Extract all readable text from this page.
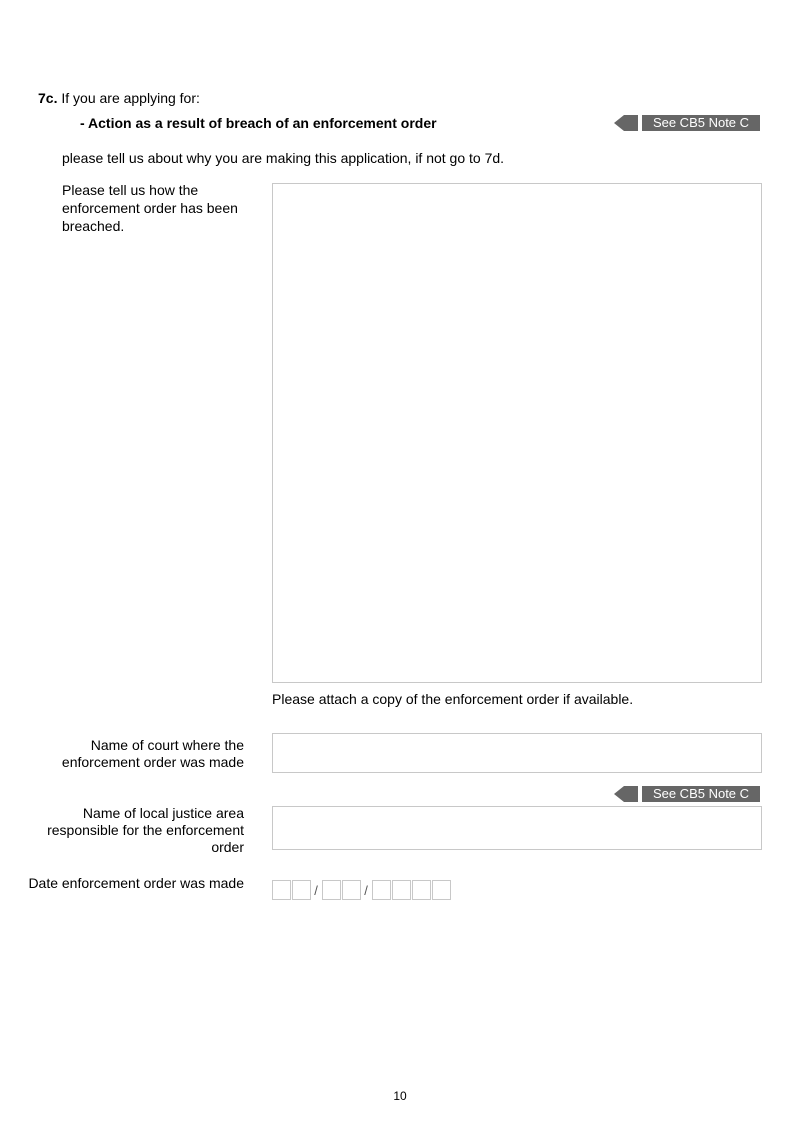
7c. If you are applying for:
- Action as a result of breach of an enforcement order	See CB5 Note C
please tell us about why you are making this application, if not go to 7d.
Please tell us how the enforcement order has been breached.
Please attach a copy of the enforcement order if available.
Name of court where the enforcement order was made
See CB5 Note C
Name of local justice area responsible for the enforcement order
Date enforcement order was made	/	/
10
